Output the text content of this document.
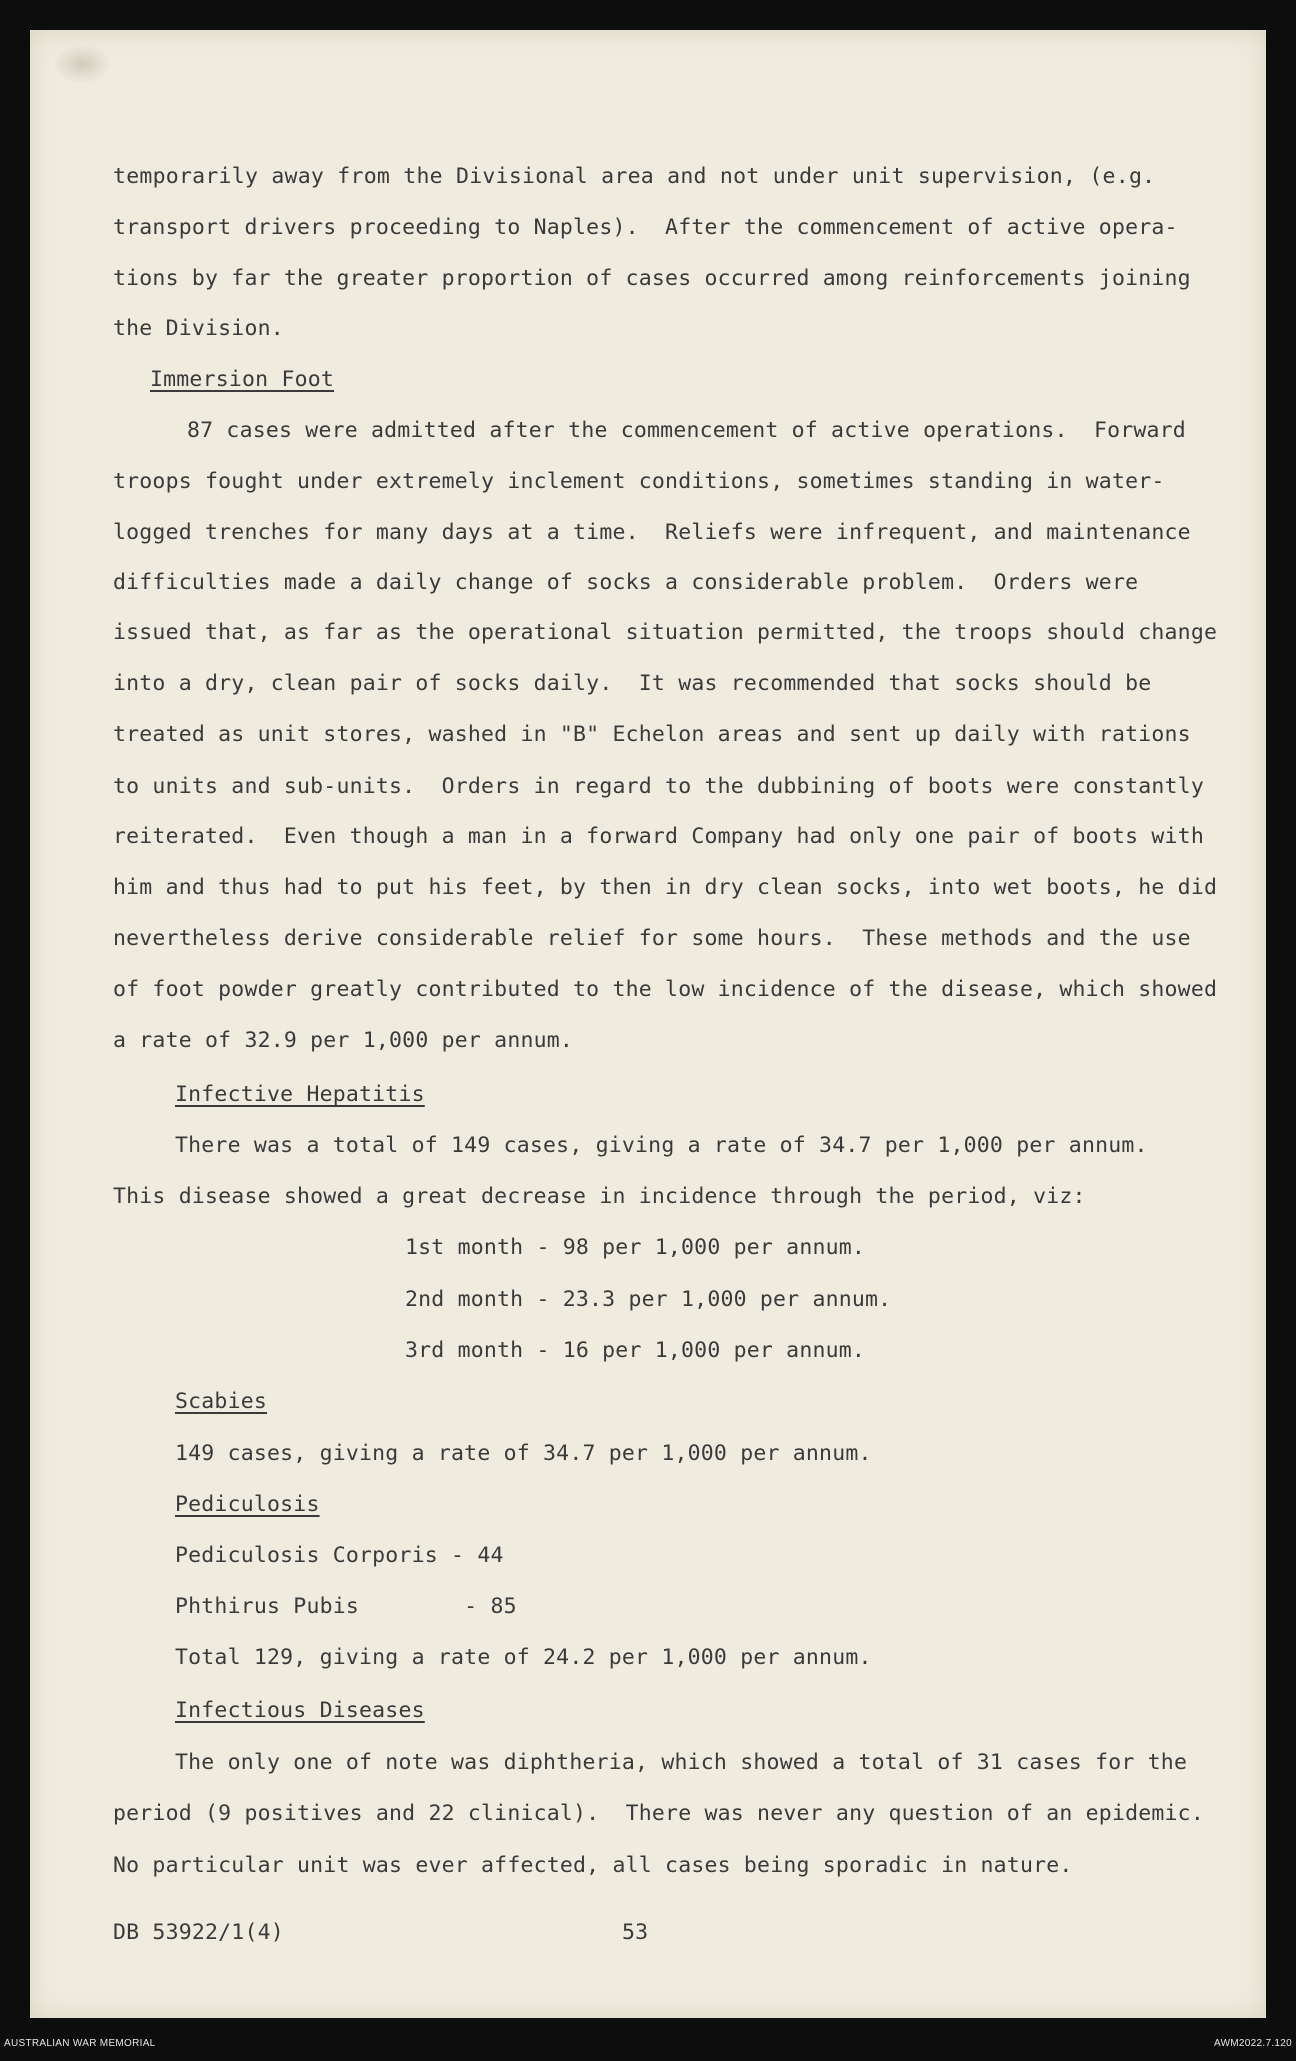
temporarily away from the Divisional area and not under unit supervision, (e.g.
transport drivers proceeding to Naples).  After the commencement of active opera-
tions by far the greater proportion of cases occurred among reinforcements joining
the Division.
Immersion Foot
87 cases were admitted after the commencement of active operations.  Forward
troops fought under extremely inclement conditions, sometimes standing in water-
logged trenches for many days at a time.  Reliefs were infrequent, and maintenance
difficulties made a daily change of socks a considerable problem.  Orders were
issued that, as far as the operational situation permitted, the troops should change
into a dry, clean pair of socks daily.  It was recommended that socks should be
treated as unit stores, washed in "B" Echelon areas and sent up daily with rations
to units and sub-units.  Orders in regard to the dubbining of boots were constantly
reiterated.  Even though a man in a forward Company had only one pair of boots with
him and thus had to put his feet, by then in dry clean socks, into wet boots, he did
nevertheless derive considerable relief for some hours.  These methods and the use
of foot powder greatly contributed to the low incidence of the disease, which showed
a rate of 32.9 per 1,000 per annum.
Infective Hepatitis
There was a total of 149 cases, giving a rate of 34.7 per 1,000 per annum.
This disease showed a great decrease in incidence through the period, viz:
1st month - 98 per 1,000 per annum.
2nd month - 23.3 per 1,000 per annum.
3rd month - 16 per 1,000 per annum.
Scabies
149 cases, giving a rate of 34.7 per 1,000 per annum.
Pediculosis
Pediculosis Corporis - 44
Phthirus Pubis        - 85
Total 129, giving a rate of 24.2 per 1,000 per annum.
Infectious Diseases
The only one of note was diphtheria, which showed a total of 31 cases for the
period (9 positives and 22 clinical).  There was never any question of an epidemic.
No particular unit was ever affected, all cases being sporadic in nature.
DB 53922/1(4)	53
AUSTRALIAN WAR MEMORIAL	AWM2022.7.120
